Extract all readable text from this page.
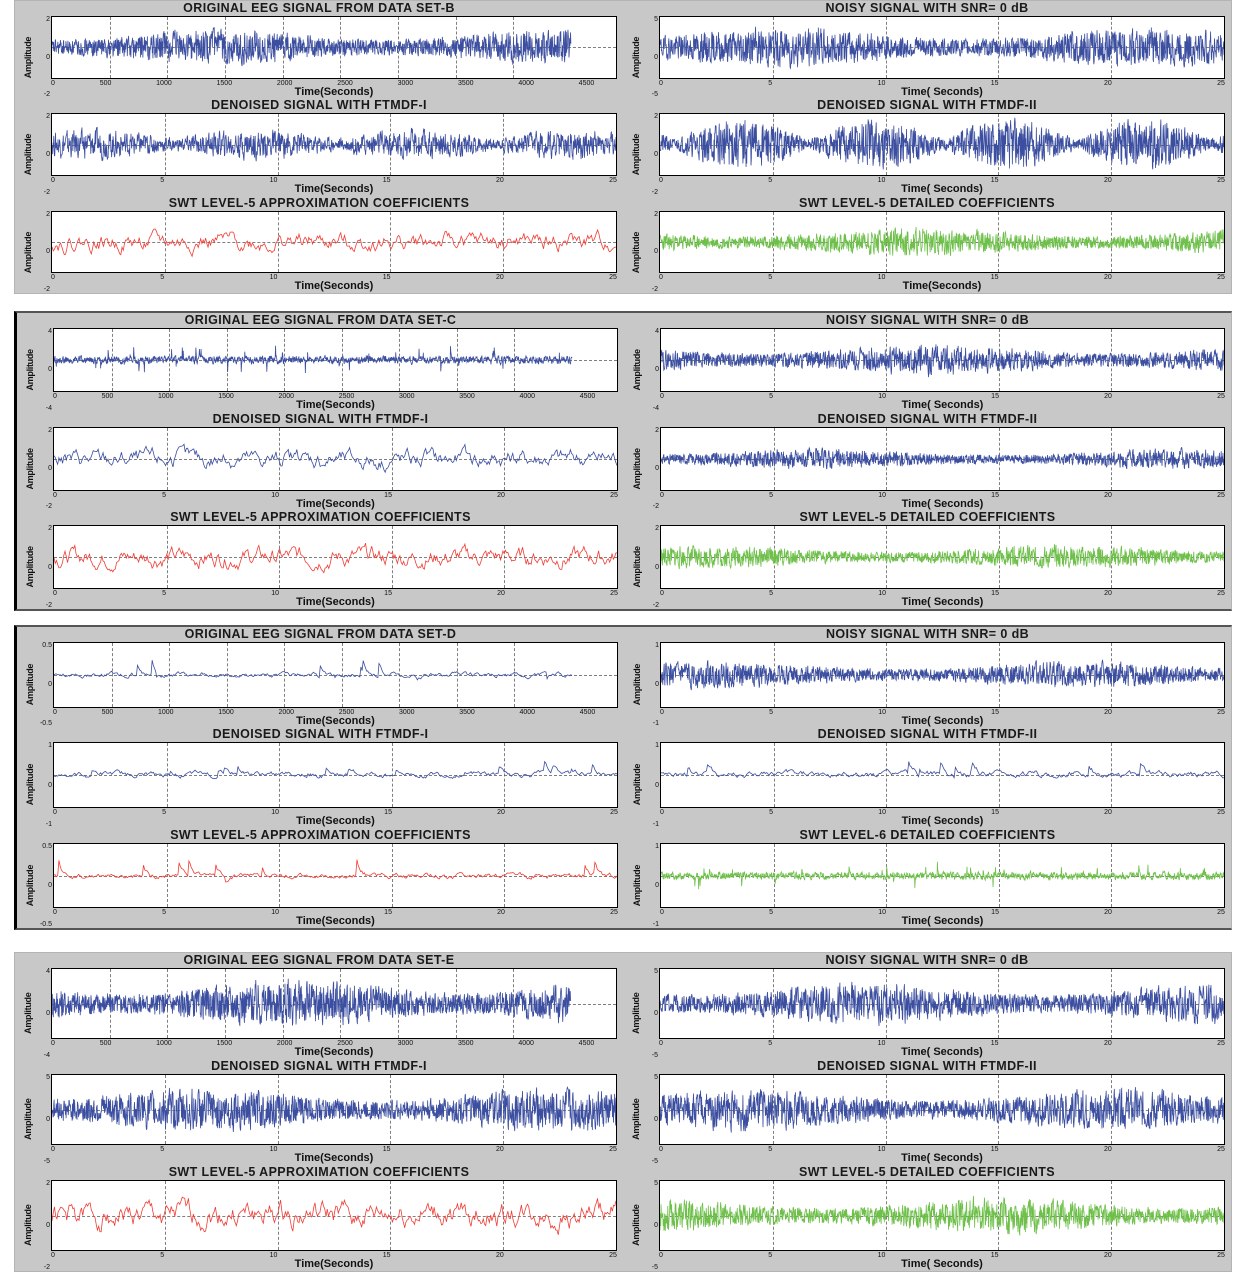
ORIGINAL EEG SIGNAL FROM DATA SET-B
Amplitude
2
0
-2
0	500	1000	1500	2000	2500	3000	3500	4000	4500
Time(Seconds)
NOISY SIGNAL WITH SNR= 0 dB
Amplitude
5
0
-5
0	5	10	15	20	25
Time( Seconds)
DENOISED SIGNAL WITH FTMDF-I
Amplitude
2
0
-2
0	5	10	15	20	25
Time(Seconds)
DENOISED SIGNAL WITH FTMDF-II
Amplitude
2
0
-2
0	5	10	15	20	25
Time( Seconds)
SWT LEVEL-5 APPROXIMATION COEFFICIENTS
Amplitude
2
0
-2
0	5	10	15	20	25
Time(Seconds)
SWT LEVEL-5 DETAILED COEFFICIENTS
Amplitude
2
0
-2
0	5	10	15	20	25
Time(Seconds)
ORIGINAL EEG SIGNAL FROM DATA SET-C
Amplitude
4
0
-4
0	500	1000	1500	2000	2500	3000	3500	4000	4500
Time(Seconds)
NOISY SIGNAL WITH SNR= 0 dB
Amplitude
4
0
-4
0	5	10	15	20	25
Time( Seconds)
DENOISED SIGNAL WITH FTMDF-I
Amplitude
2
0
-2
0	5	10	15	20	25
Time(Seconds)
DENOISED SIGNAL WITH FTMDF-II
Amplitude
2
0
-2
0	5	10	15	20	25
Time( Seconds)
SWT LEVEL-5 APPROXIMATION COEFFICIENTS
Amplitude
2
0
-2
0	5	10	15	20	25
Time(Seconds)
SWT LEVEL-5 DETAILED COEFFICIENTS
Amplitude
2
0
-2
0	5	10	15	20	25
Time( Seconds)
ORIGINAL EEG SIGNAL FROM DATA SET-D
Amplitude
0.5
0
-0.5
0	500	1000	1500	2000	2500	3000	3500	4000	4500
Time(Seconds)
NOISY SIGNAL WITH SNR= 0 dB
Amplitude
1
0
-1
0	5	10	15	20	25
Time( Seconds)
DENOISED SIGNAL WITH FTMDF-I
Amplitude
1
0
-1
0	5	10	15	20	25
Time(Seconds)
DENOISED SIGNAL WITH FTMDF-II
Amplitude
1
0
-1
0	5	10	15	20	25
Time( Seconds)
SWT LEVEL-5 APPROXIMATION COEFFICIENTS
Amplitude
0.5
0
-0.5
0	5	10	15	20	25
Time(Seconds)
SWT LEVEL-6 DETAILED COEFFICIENTS
Amplitude
1
0
-1
0	5	10	15	20	25
Time( Seconds)
ORIGINAL EEG SIGNAL FROM DATA SET-E
Amplitude
4
0
-4
0	500	1000	1500	2000	2500	3000	3500	4000	4500
Time(Seconds)
NOISY SIGNAL WITH SNR= 0 dB
Amplitude
5
0
-5
0	5	10	15	20	25
Time( Seconds)
DENOISED SIGNAL WITH FTMDF-I
Amplitude
5
0
-5
0	5	10	15	20	25
Time(Seconds)
DENOISED SIGNAL WITH FTMDF-II
Amplitude
5
0
-5
0	5	10	15	20	25
Time( Seconds)
SWT LEVEL-5 APPROXIMATION COEFFICIENTS
Amplitude
2
0
-2
0	5	10	15	20	25
Time(Seconds)
SWT LEVEL-5 DETAILED COEFFICIENTS
Amplitude
5
0
-5
0	5	10	15	20	25
Time( Seconds)
